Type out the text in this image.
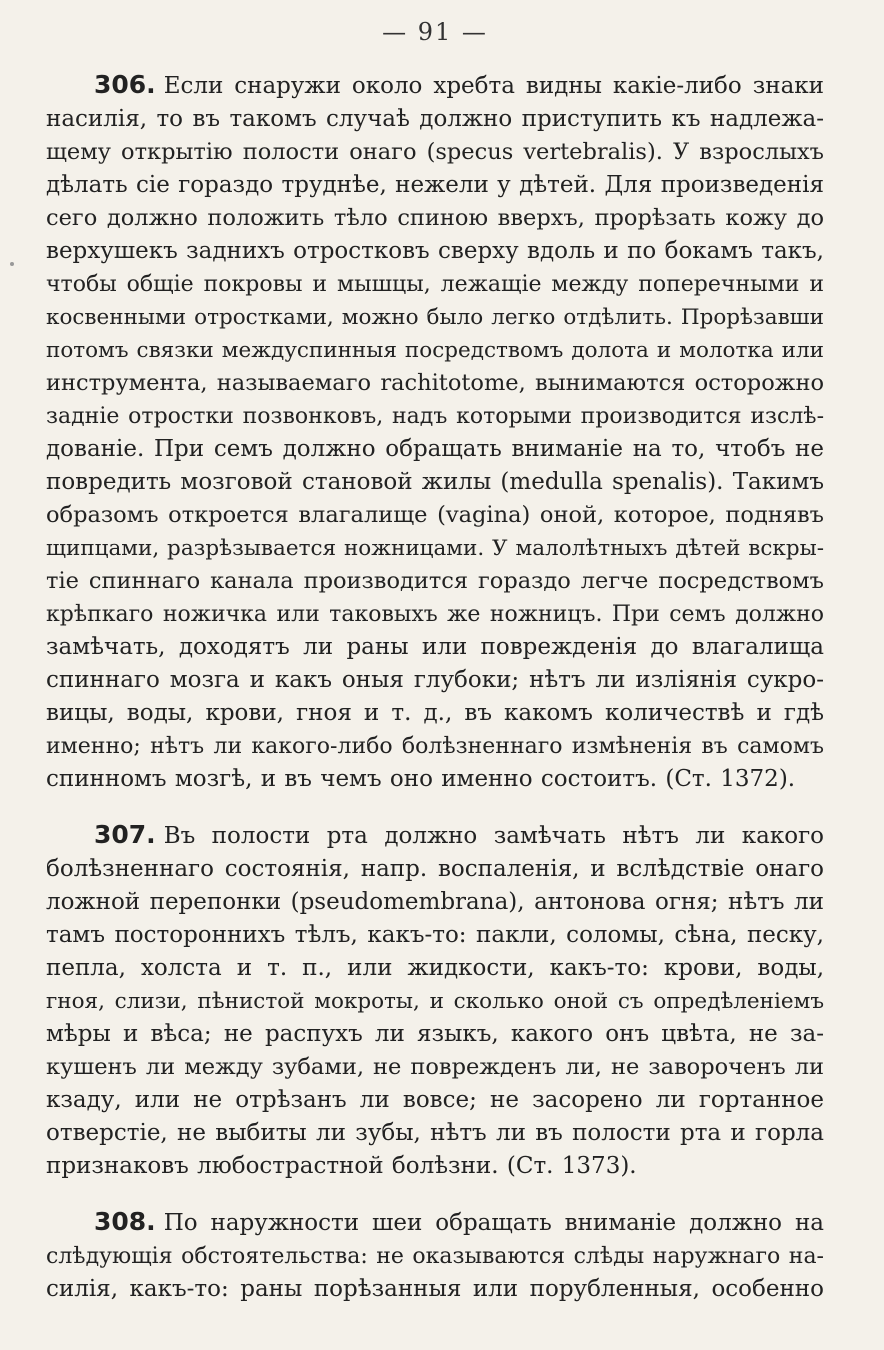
— 91 —
306. Если снаружи около хребта видны какіе-либо знаки
насилія, то въ такомъ случаѣ должно приступить къ надлежа-
щему открытію полости онаго (specus vertebralis). У взрослыхъ
дѣлать сіе гораздо труднѣе, нежели у дѣтей. Для произведенія
сего должно положить тѣло спиною вверхъ, прорѣзать кожу до
верхушекъ заднихъ отростковъ сверху вдоль и по бокамъ такъ,
чтобы общіе покровы и мышцы, лежащіе между поперечными и
косвенными отростками, можно было легко отдѣлить. Прорѣзавши
потомъ связки междуспинныя посредствомъ долота и молотка или
инструмента, называемаго rachitotome, вынимаются осторожно
задніе отростки позвонковъ, надъ которыми производится изслѣ-
дованіе. При семъ должно обращать вниманіе на то, чтобъ не
повредить мозговой становой жилы (medulla spenalis). Такимъ
образомъ откроется влагалище (vagina) оной, которое, поднявъ
щипцами, разрѣзывается ножницами. У малолѣтныхъ дѣтей вскры-
тіе спиннаго канала производится гораздо легче посредствомъ
крѣпкаго ножичка или таковыхъ же ножницъ. При семъ должно
замѣчать, доходятъ ли раны или поврежденія до влагалища
спиннаго мозга и какъ оныя глубоки; нѣтъ ли изліянія сукро-
вицы, воды, крови, гноя и т. д., въ какомъ количествѣ и гдѣ
именно; нѣтъ ли какого-либо болѣзненнаго измѣненія въ самомъ
спинномъ мозгѣ, и въ чемъ оно именно состоитъ. (Ст. 1372).
307. Въ полости рта должно замѣчать нѣтъ ли какого
болѣзненнаго состоянія, напр. воспаленія, и вслѣдствіе онаго
ложной перепонки (pseudomembrana), антонова огня; нѣтъ ли
тамъ постороннихъ тѣлъ, какъ-то: пакли, соломы, сѣна, песку,
пепла, холста и т. п., или жидкости, какъ-то: крови, воды,
гноя, слизи, пѣнистой мокроты, и сколько оной съ опредѣленіемъ
мѣры и вѣса; не распухъ ли языкъ, какого онъ цвѣта, не за-
кушенъ ли между зубами, не поврежденъ ли, не завороченъ ли
кзаду, или не отрѣзанъ ли вовсе; не засорено ли гортанное
отверстіе, не выбиты ли зубы, нѣтъ ли въ полости рта и горла
признаковъ любострастной болѣзни. (Ст. 1373).
308. По наружности шеи обращать вниманіе должно на
слѣдующія обстоятельства: не оказываются слѣды наружнаго на-
силія, какъ-то: раны порѣзанныя или порубленныя, особенно
